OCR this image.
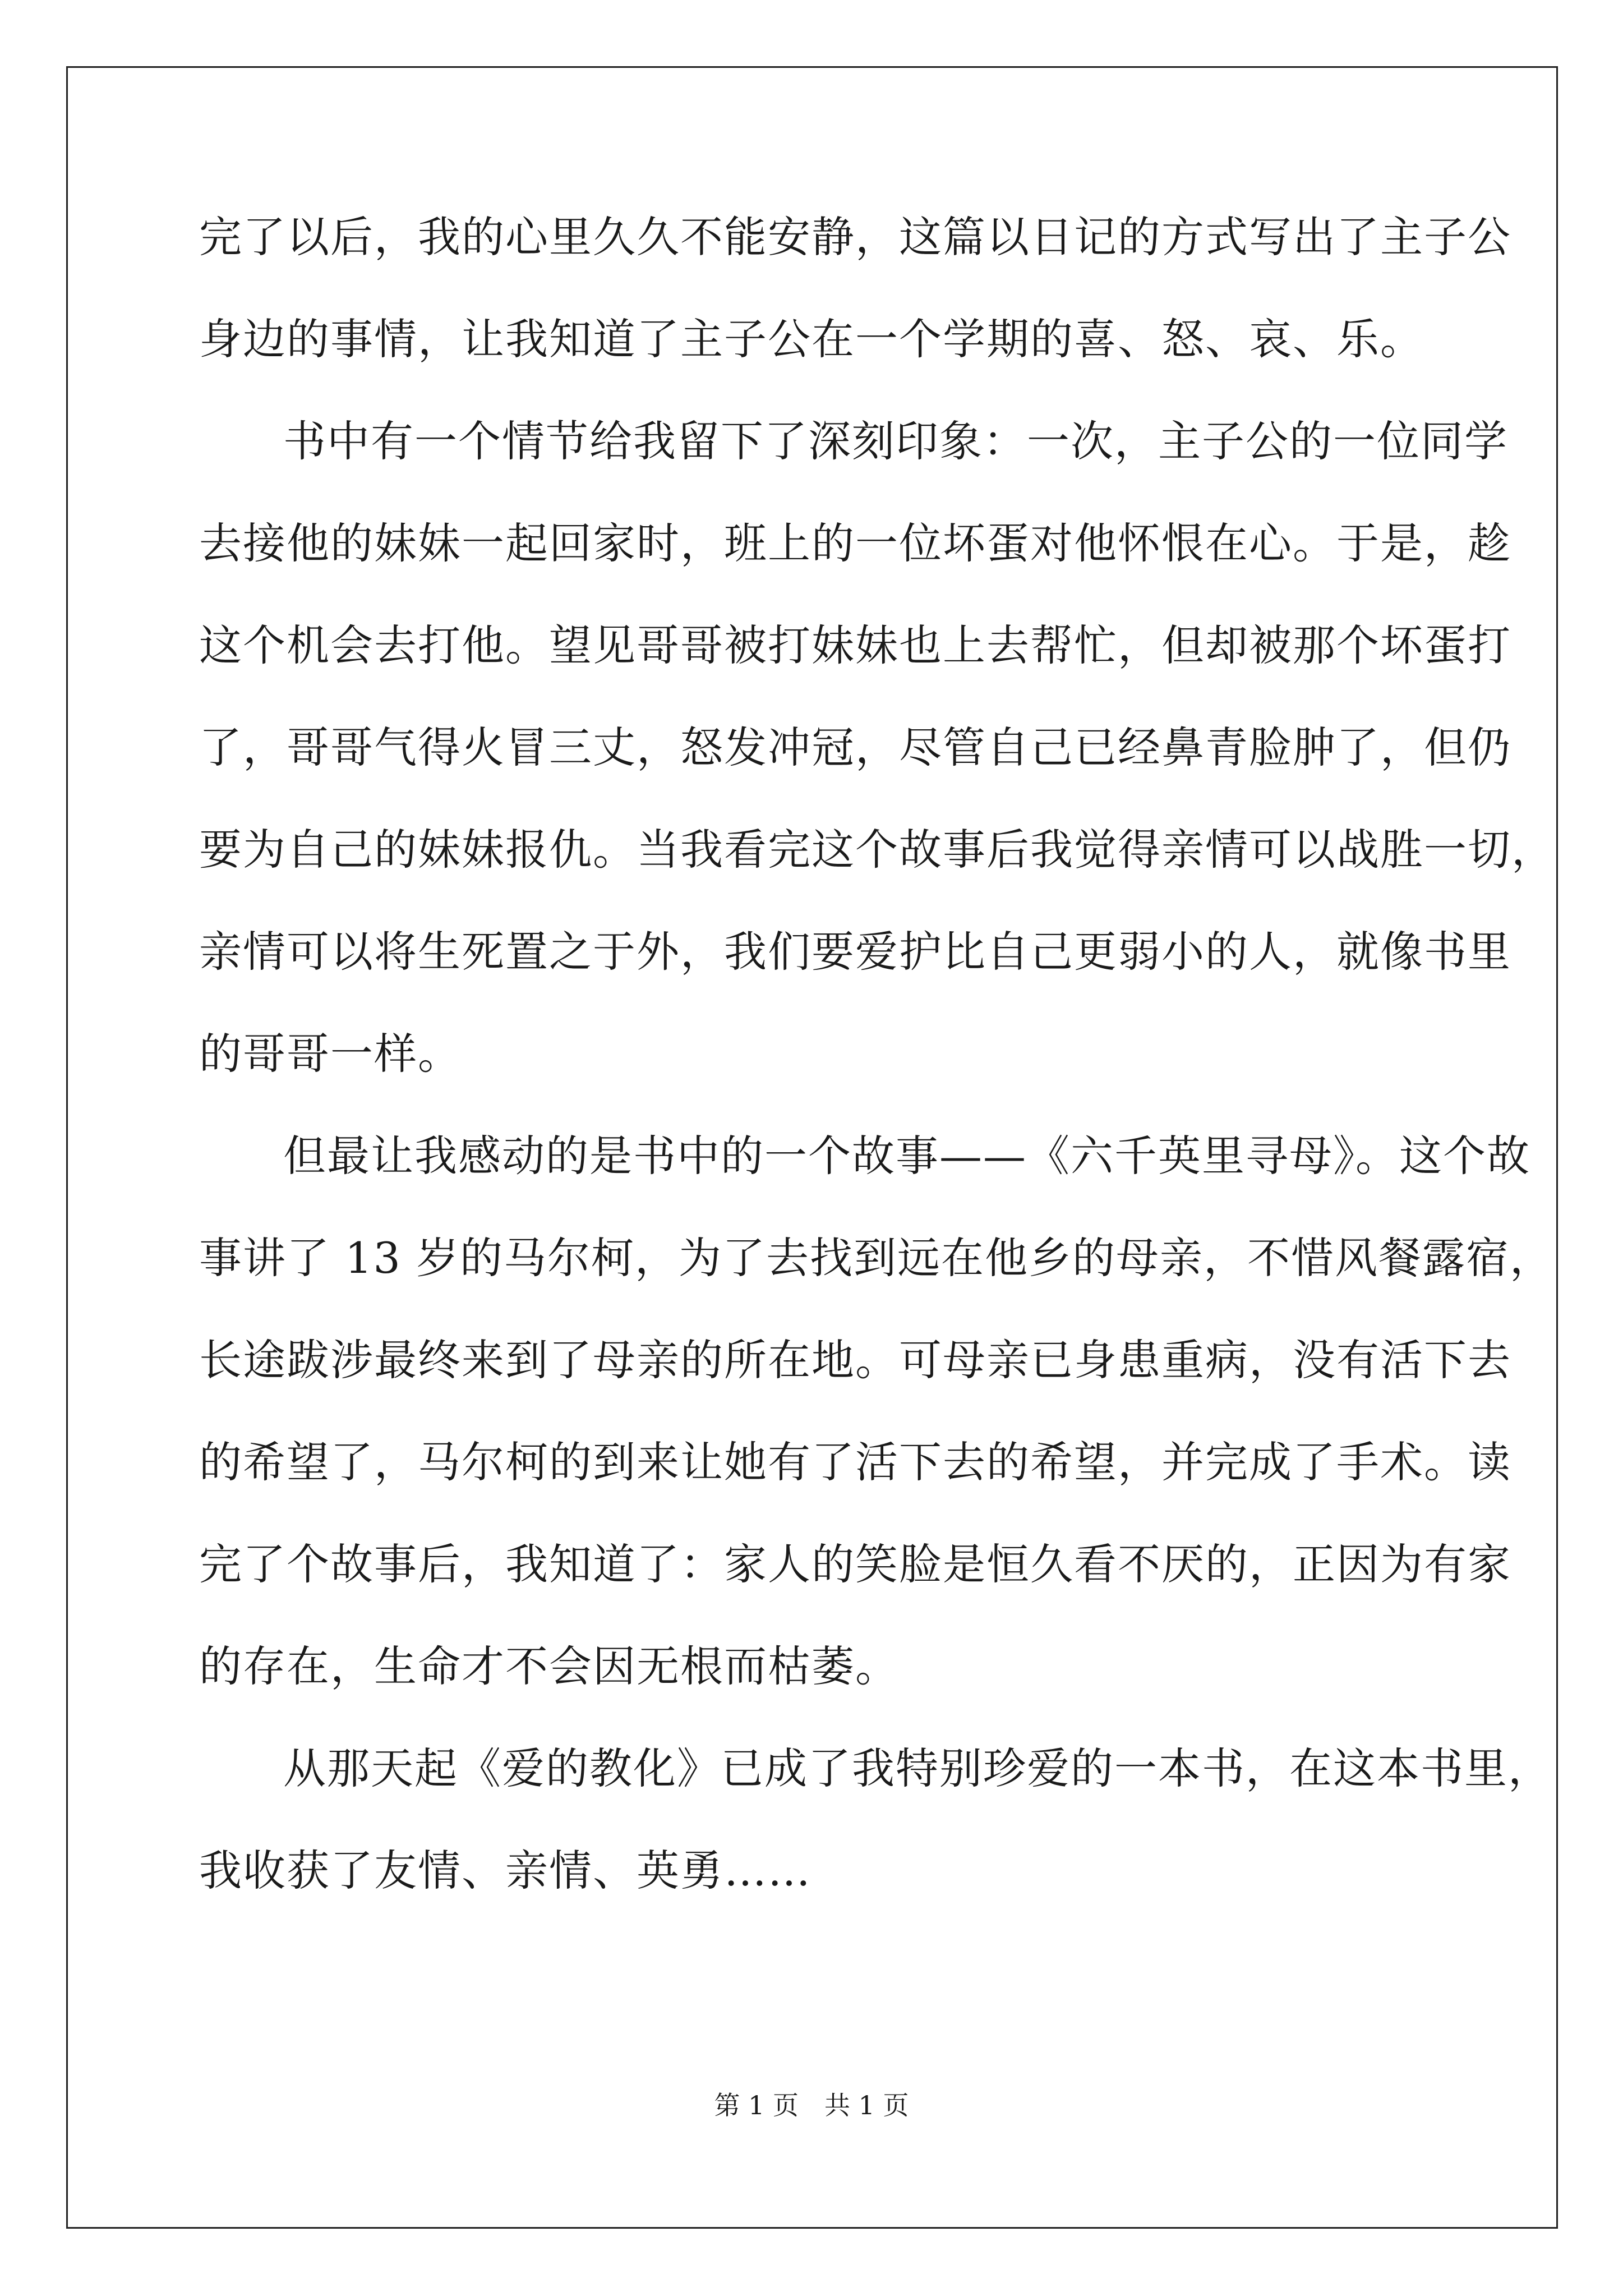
完了以后，我的心里久久不能安静，这篇以日记的方式写出了主子公
身边的事情，让我知道了主子公在一个学期的喜、怒、哀、乐。
书中有一个情节给我留下了深刻印象：一次，主子公的一位同学
去接他的妹妹一起回家时，班上的一位坏蛋对他怀恨在心。于是，趁
这个机会去打他。望见哥哥被打妹妹也上去帮忙，但却被那个坏蛋打
了，哥哥气得火冒三丈，怒发冲冠，尽管自己已经鼻青脸肿了，但仍
要为自己的妹妹报仇。当我看完这个故事后我觉得亲情可以战胜一切，
亲情可以将生死置之于外，我们要爱护比自己更弱小的人，就像书里
的哥哥一样。
但最让我感动的是书中的一个故事——《六千英里寻母》。这个故
事讲了 13 岁的马尔柯，为了去找到远在他乡的母亲，不惜风餐露宿，
长途跋涉最终来到了母亲的所在地。可母亲已身患重病，没有活下去
的希望了，马尔柯的到来让她有了活下去的希望，并完成了手术。读
完了个故事后，我知道了：家人的笑脸是恒久看不厌的，正因为有家
的存在，生命才不会因无根而枯萎。
从那天起《爱的教化》已成了我特别珍爱的一本书，在这本书里，
我收获了友情、亲情、英勇……
第 1 页　共 1 页
